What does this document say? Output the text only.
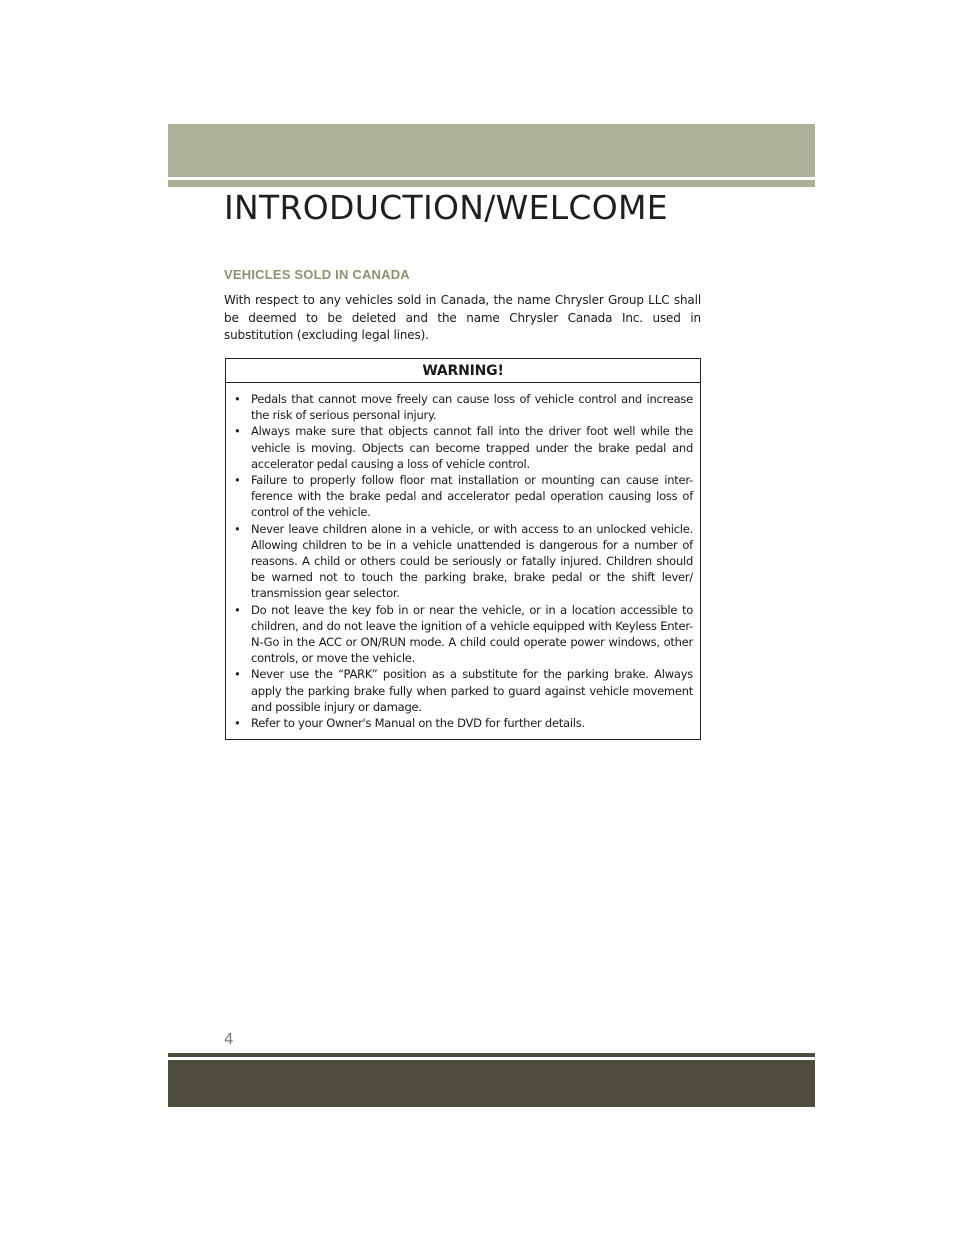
INTRODUCTION/WELCOME
VEHICLES SOLD IN CANADA

With respect to any vehicles sold in Canada, the name Chrysler Group LLC shall be deemed to be deleted and the name Chrysler Canada Inc. used in substitution (excluding legal lines).

WARNING!
• Pedals that cannot move freely can cause loss of vehicle control and increase the risk of serious personal injury.
• Always make sure that objects cannot fall into the driver foot well while the vehicle is moving. Objects can become trapped under the brake pedal and accelerator pedal causing a loss of vehicle control.
• Failure to properly follow floor mat installation or mounting can cause inter-ference with the brake pedal and accelerator pedal operation causing loss of control of the vehicle.
• Never leave children alone in a vehicle, or with access to an unlocked vehicle. Allowing children to be in a vehicle unattended is dangerous for a number of reasons. A child or others could be seriously or fatally injured. Children should be warned not to touch the parking brake, brake pedal or the shift lever/ transmission gear selector.
• Do not leave the key fob in or near the vehicle, or in a location accessible to children, and do not leave the ignition of a vehicle equipped with Keyless Enter-N-Go in the ACC or ON/RUN mode. A child could operate power windows, other controls, or move the vehicle.
• Never use the “PARK” position as a substitute for the parking brake. Always apply the parking brake fully when parked to guard against vehicle movement and possible injury or damage.
• Refer to your Owner's Manual on the DVD for further details.

4
